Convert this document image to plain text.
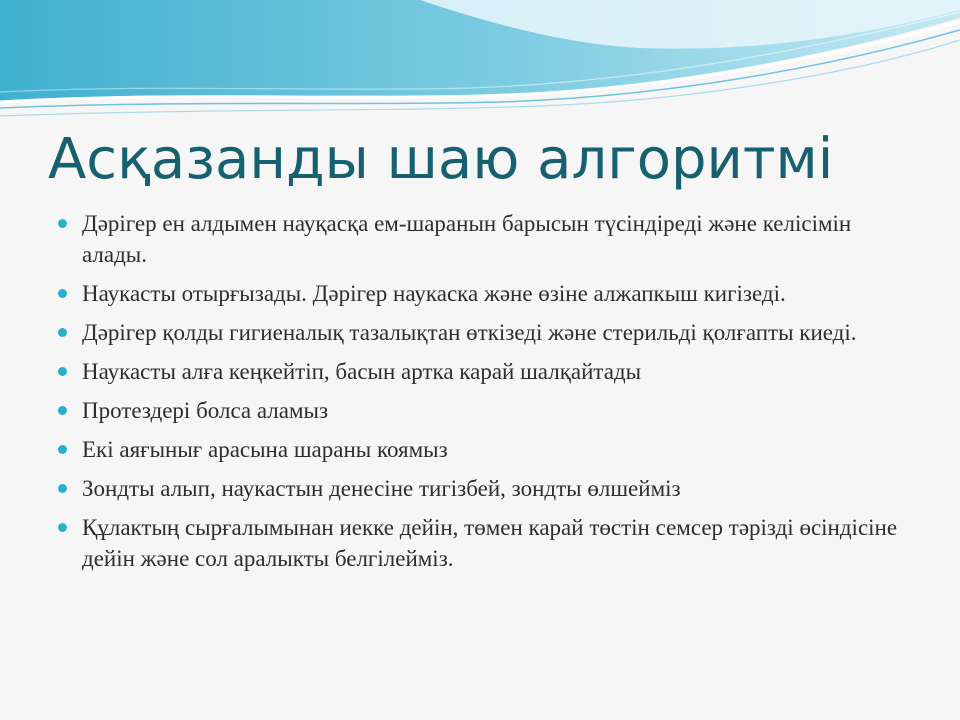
Асқазанды шаю алгоритмі
Дәрігер ен алдымен науқасқа ем-шаранын барысын түсіндіреді және келісімін алады.
Наукасты отырғызады. Дәрігер наукаска және өзіне алжапкыш кигізеді.
Дәрігер қолды гигиеналық тазалықтан өткізеді және стерильді қолғапты киеді.
Наукасты алға кеңкейтіп, басын артка карай шалқайтады
Протездері болса аламыз
Екі аяғынығ арасына шараны коямыз
Зондты алып, наукастын денесіне тигізбей, зондты өлшейміз
Құлактың сырғалымынан иекке дейін, төмен карай төстін семсер тәрізді өсіндісіне дейін және сол аралыкты белгілейміз.
